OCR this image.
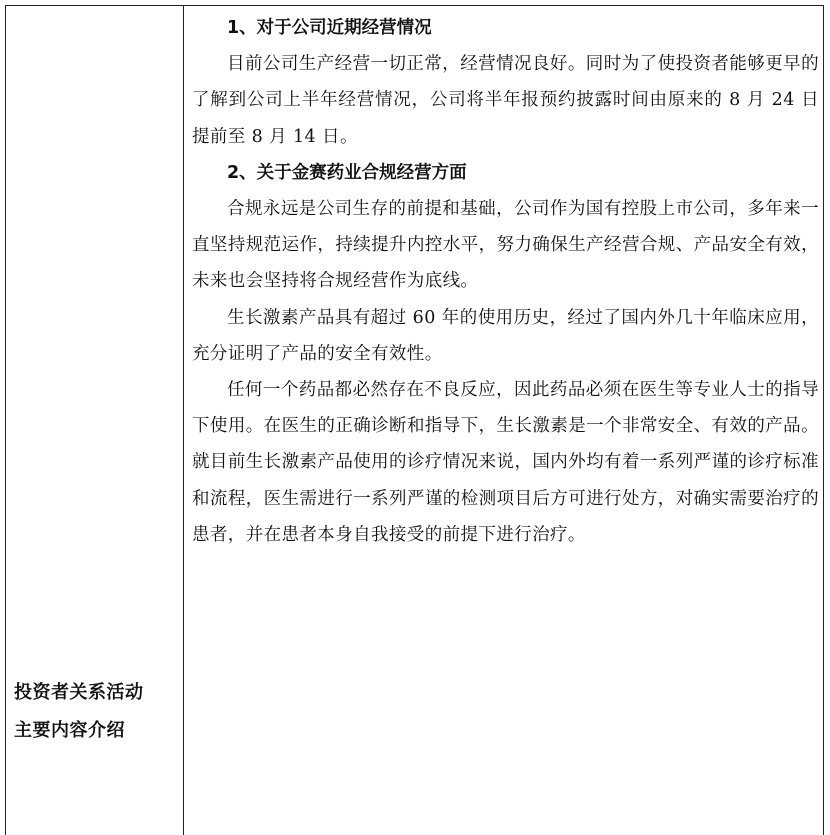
投资者关系活动
主要内容介绍

1、对于公司近期经营情况

目前公司生产经营一切正常，经营情况良好。同时为了使投资者能够更早的了解到公司上半年经营情况，公司将半年报预约披露时间由原来的 8 月 24 日提前至 8 月 14 日。

2、关于金赛药业合规经营方面

合规永远是公司生存的前提和基础，公司作为国有控股上市公司，多年来一直坚持规范运作，持续提升内控水平，努力确保生产经营合规、产品安全有效，未来也会坚持将合规经营作为底线。

生长激素产品具有超过 60 年的使用历史，经过了国内外几十年临床应用，充分证明了产品的安全有效性。

任何一个药品都必然存在不良反应，因此药品必须在医生等专业人士的指导下使用。在医生的正确诊断和指导下，生长激素是一个非常安全、有效的产品。就目前生长激素产品使用的诊疗情况来说，国内外均有着一系列严谨的诊疗标准和流程，医生需进行一系列严谨的检测项目后方可进行处方，对确实需要治疗的患者，并在患者本身自我接受的前提下进行治疗。
